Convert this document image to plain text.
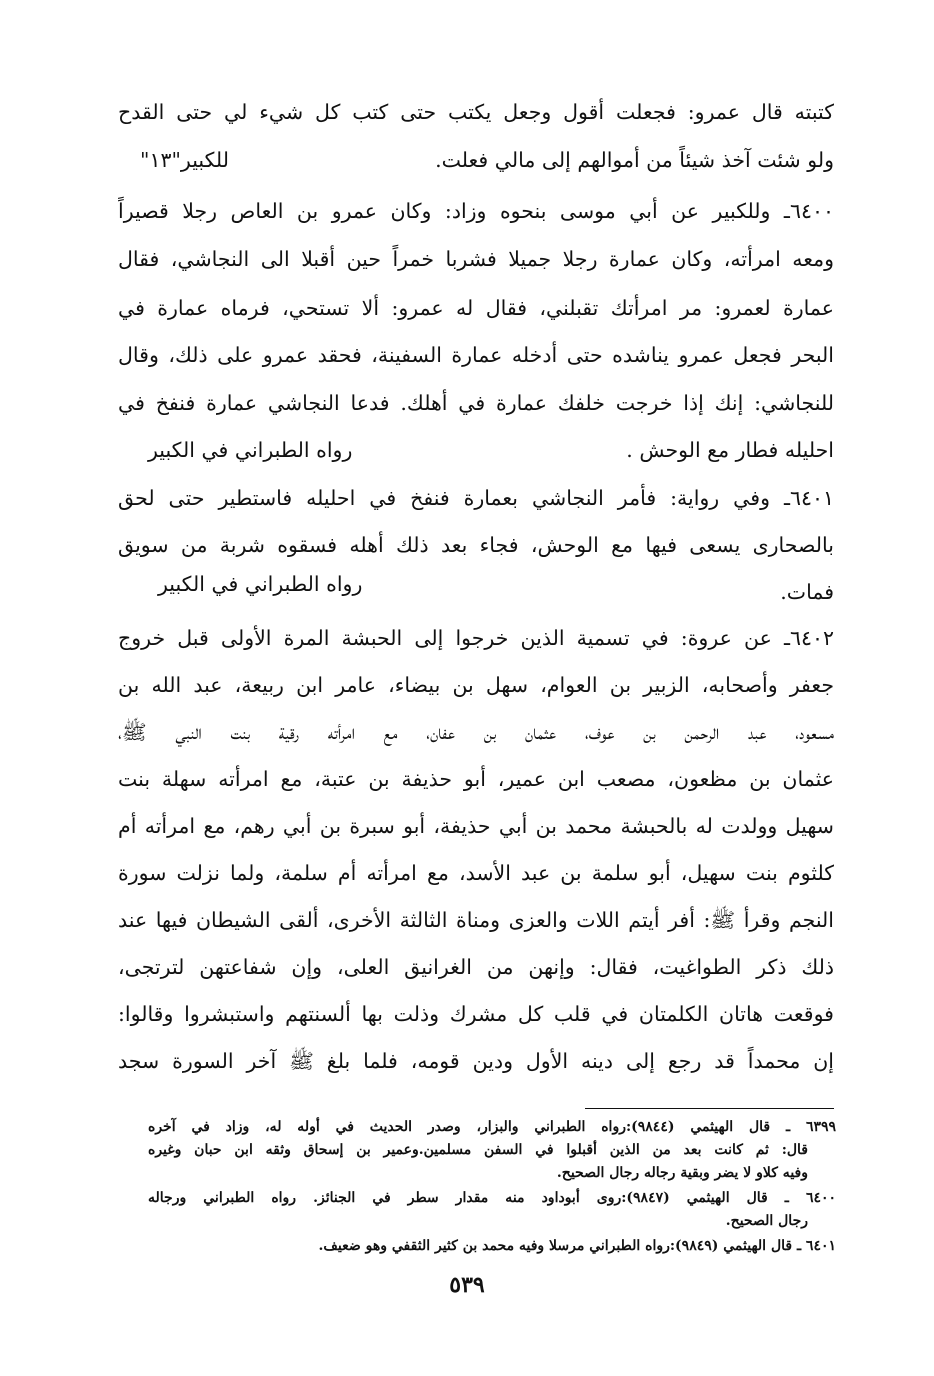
كتبته قال عمرو: فجعلت أقول وجعل يكتب حتى كتب كل شيء لي حتى القدح
ولو شئت آخذ شيئاً من أموالهم إلى مالي فعلت.
للكبير"١٣"
٦٤٠٠ـ وللكبير عن أبي موسى بنحوه وزاد: وكان عمرو بن العاص رجلا قصيراً
ومعه امرأته، وكان عمارة رجلا جميلا فشربا خمراً حين أقبلا الى النجاشي، فقال
عمارة لعمرو: مر امرأتك تقبلني، فقال له عمرو: ألا تستحي، فرماه عمارة في
البحر فجعل عمرو يناشده حتى أدخله عمارة السفينة، فحقد عمرو على ذلك، وقال
للنجاشي: إنك إذا خرجت خلفك عمارة في أهلك. فدعا النجاشي عمارة فنفخ في
احليله فطار مع الوحش .
رواه الطبراني في الكبير
٦٤٠١ـ وفي رواية: فأمر النجاشي بعمارة فنفخ في احليله فاستطير حتى لحق
بالصحارى يسعى فيها مع الوحش، فجاء بعد ذلك أهله فسقوه شربة من سويق
فمات.
رواه الطبراني في الكبير
٦٤٠٢ـ عن عروة: في تسمية الذين خرجوا إلى الحبشة المرة الأولى قبل خروج
جعفر وأصحابه، الزبير بن العوام، سهل بن بيضاء، عامر ابن ربيعة، عبد الله بن
مسعود، عبد الرحمن بن عوف، عثمان بن عفان، مع امرأته رقية بنت النبي ﷺ،
عثمان بن مظعون، مصعب ابن عمير، أبو حذيفة بن عتبة، مع امرأته سهلة بنت
سهيل وولدت له بالحبشة محمد بن أبي حذيفة، أبو سبرة بن أبي رهم، مع امرأته أم
كلثوم بنت سهيل، أبو سلمة بن عبد الأسد، مع امرأته أم سلمة، ولما نزلت سورة
النجم وقرأ ﷺ: أفر أيتم اللات والعزى ومناة الثالثة الأخرى، ألقى الشيطان فيها عند
ذلك ذكر الطواغيت، فقال: وإنهن من الغرانيق العلى، وإن شفاعتهن لترتجى،
فوقعت هاتان الكلمتان في قلب كل مشرك وذلت بها ألسنتهم واستبشروا وقالوا:
إن محمداً قد رجع إلى دينه الأول ودين قومه، فلما بلغ ﷺ آخر السورة سجد
٦٣٩٩ ـ قال الهيثمي (٩٨٤٤):رواه الطبراني والبزار، وصدر الحديث في أوله له، وزاد في آخره
قال: ثم كانت بعد من الذين أقبلوا في السفن مسلمين.وعمير بن إسحاق وثقه ابن حبان وغيره
وفيه كلاو لا يضر وبقية رجاله رجال الصحيح.
٦٤٠٠ ـ قال الهيثمي (٩٨٤٧):روى أبوداود منه مقدار سطر في الجنائز. رواه الطبراني ورجاله
رجال الصحيح.
٦٤٠١ ـ قال الهيثمي (٩٨٤٩):رواه الطبراني مرسلا وفيه محمد بن كثير الثقفي وهو ضعيف.
٥٣٩
